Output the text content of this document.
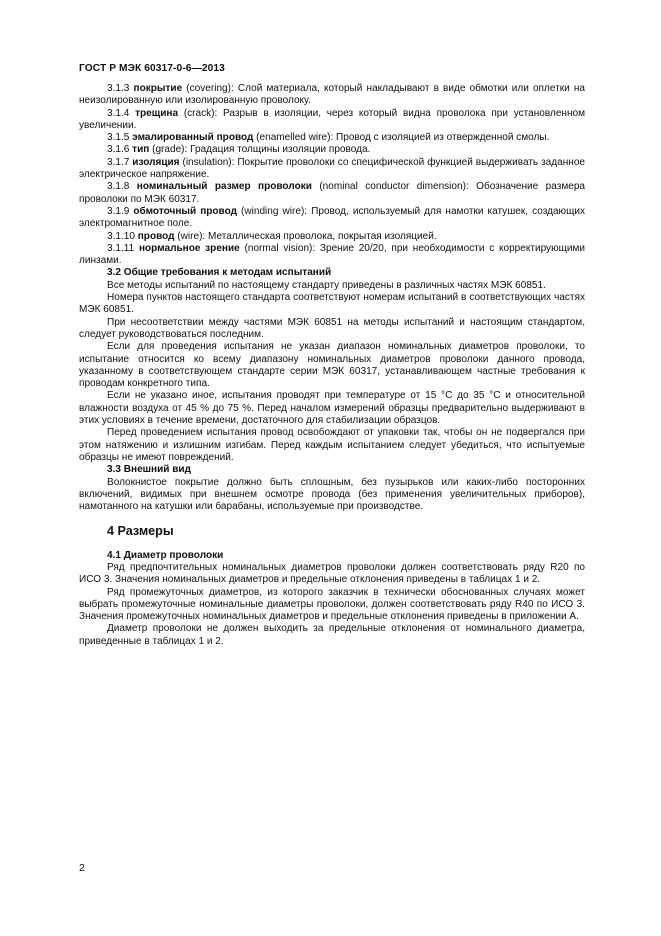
ГОСТ Р МЭК 60317-0-6—2013

3.1.3 покрытие (covering): Слой материала, который накладывают в виде обмотки или оплетки на неизолированную или изолированную проволоку.

3.1.4 трещина (crack): Разрыв в изоляции, через который видна проволока при установленном увеличении.

3.1.5 эмалированный провод (enamelled wire): Провод с изоляцией из отвержденной смолы.

3.1.6 тип (grade): Градация толщины изоляции провода.

3.1.7 изоляция (insulation): Покрытие проволоки со специфической функцией выдерживать заданное электрическое напряжение.

3.1.8 номинальный размер проволоки (nominal conductor dimension): Обозначение размера проволоки по МЭК 60317.

3.1.9 обмоточный провод (winding wire): Провод, используемый для намотки катушек, создающих электромагнитное поле.

3.1.10 провод (wire): Металлическая проволока, покрытая изоляцией.

3.1.11 нормальное зрение (normal vision): Зрение 20/20, при необходимости с корректирующими линзами.

3.2 Общие требования к методам испытаний

Все методы испытаний по настоящему стандарту приведены в различных частях МЭК 60851.

Номера пунктов настоящего стандарта соответствуют номерам испытаний в соответствующих частях МЭК 60851.

При несоответствии между частями МЭК 60851 на методы испытаний и настоящим стандартом, следует руководствоваться последним.

Если для проведения испытания не указан диапазон номинальных диаметров проволоки, то испытание относится ко всему диапазону номинальных диаметров проволоки данного провода, указанному в соответствующем стандарте серии МЭК 60317, устанавливающем частные требования к проводам конкретного типа.

Если не указано иное, испытания проводят при температуре от 15 °С до 35 °С и относительной влажности воздуха от 45 % до 75 %. Перед началом измерений образцы предварительно выдерживают в этих условиях в течение времени, достаточного для стабилизации образцов.

Перед проведением испытания провод освобождают от упаковки так, чтобы он не подвергался при этом натяжению и излишним изгибам. Перед каждым испытанием следует убедиться, что испытуемые образцы не имеют повреждений.

3.3 Внешний вид

Волокнистое покрытие должно быть сплошным, без пузырьков или каких-либо посторонних включений, видимых при внешнем осмотре провода (без применения увеличительных приборов), намотанного на катушки или барабаны, используемые при производстве.

4 Размеры

4.1 Диаметр проволоки

Ряд предпочтительных номинальных диаметров проволоки должен соответствовать ряду R20 по ИСО 3. Значения номинальных диаметров и предельные отклонения приведены в таблицах 1 и 2.

Ряд промежуточных диаметров, из которого заказчик в технически обоснованных случаях может выбрать промежуточные номинальные диаметры проволоки, должен соответствовать ряду R40 по ИСО 3. Значения промежуточных номинальных диаметров и предельные отклонения приведены в приложении А.

Диаметр проволоки не должен выходить за предельные отклонения от номинального диаметра, приведенные в таблицах 1 и 2.

2
